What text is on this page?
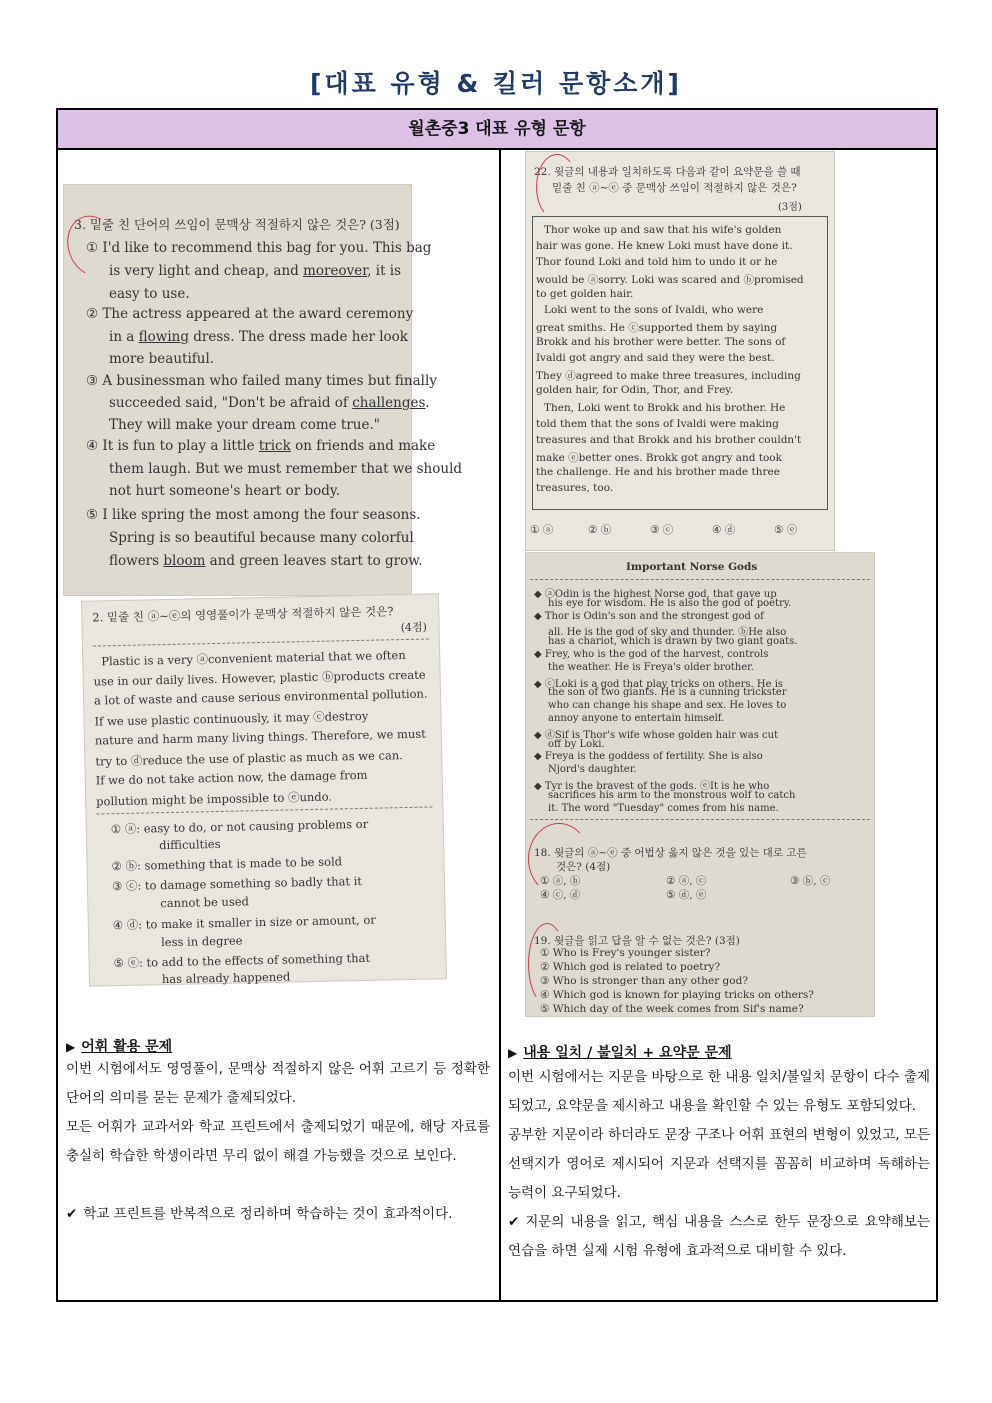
[대표 유형 & 킬러 문항소개]
월촌중3 대표 유형 문항
3. 밑줄 친 단어의 쓰임이 문맥상 적절하지 않은 것은? (3점)
① I'd like to recommend this bag for you. This bag
is very light and cheap, and moreover, it is
easy to use.
② The actress appeared at the award ceremony
in a flowing dress. The dress made her look
more beautiful.
③ A businessman who failed many times but finally
succeeded said, "Don't be afraid of challenges.
They will make your dream come true."
④ It is fun to play a little trick on friends and make
them laugh. But we must remember that we should
not hurt someone's heart or body.
⑤ I like spring the most among the four seasons.
Spring is so beautiful because many colorful
flowers bloom and green leaves start to grow.
2. 밑줄 친 ⓐ~ⓔ의 영영풀이가 문맥상 적절하지 않은 것은?
(4점)
Plastic is a very ⓐconvenient material that we often
use in our daily lives. However, plastic ⓑproducts create
a lot of waste and cause serious environmental pollution.
If we use plastic continuously, it may ⓒdestroy
nature and harm many living things. Therefore, we must
try to ⓓreduce the use of plastic as much as we can.
If we do not take action now, the damage from
pollution might be impossible to ⓔundo.
① ⓐ: easy to do, or not causing problems or
difficulties
② ⓑ: something that is made to be sold
③ ⓒ: to damage something so badly that it
cannot be used
④ ⓓ: to make it smaller in size or amount, or
less in degree
⑤ ⓔ: to add to the effects of something that
has already happened
▶ 어휘 활용 문제

이번 시험에서도 영영풀이, 문맥상 적절하지 않은 어휘 고르기 등 정확한 단어의 의미를 묻는 문제가 출제되었다.

모든 어휘가 교과서와 학교 프린트에서 출제되었기 때문에, 해당 자료를 충실히 학습한 학생이라면 무리 없이 해결 가능했을 것으로 보인다.

✔ 학교 프린트를 반복적으로 정리하며 학습하는 것이 효과적이다.

22. 윗글의 내용과 일치하도록 다음과 같이 요약문을 쓸 때
밑줄 친 ⓐ~ⓔ 중 문맥상 쓰임이 적절하지 않은 것은?
(3점)
Thor woke up and saw that his wife's golden
hair was gone. He knew Loki must have done it.
Thor found Loki and told him to undo it or he
would be ⓐsorry. Loki was scared and ⓑpromised
to get golden hair.
Loki went to the sons of Ivaldi, who were
great smiths. He ⓒsupported them by saying
Brokk and his brother were better. The sons of
Ivaldi got angry and said they were the best.
They ⓓagreed to make three treasures, including
golden hair, for Odin, Thor, and Frey.
Then, Loki went to Brokk and his brother. He
told them that the sons of Ivaldi were making
treasures and that Brokk and his brother couldn't
make ⓔbetter ones. Brokk got angry and took
the challenge. He and his brother made three
treasures, too.
① ⓐ	② ⓑ	③ ⓒ	④ ⓓ	⑤ ⓔ
Important Norse Gods
◆ ⓐOdin is the highest Norse god, that gave up
his eye for wisdom. He is also the god of poetry.
◆ Thor is Odin's son and the strongest god of
all. He is the god of sky and thunder. ⓑHe also
has a chariot, which is drawn by two giant goats.
◆ Frey, who is the god of the harvest, controls
the weather. He is Freya's older brother.
◆ ⓒLoki is a god that play tricks on others. He is
the son of two giants. He is a cunning trickster
who can change his shape and sex. He loves to
annoy anyone to entertain himself.
◆ ⓓSif is Thor's wife whose golden hair was cut
off by Loki.
◆ Freya is the goddess of fertility. She is also
Njord's daughter.
◆ Tyr is the bravest of the gods. ⓔIt is he who
sacrifices his arm to the monstrous wolf to catch
it. The word "Tuesday" comes from his name.
18. 윗글의 ⓐ~ⓔ 중 어법상 옳지 않은 것을 있는 대로 고른
것은? (4점)
① ⓐ, ⓑ	② ⓐ, ⓒ	③ ⓑ, ⓒ
④ ⓒ, ⓓ	⑤ ⓓ, ⓔ
19. 윗글을 읽고 답을 알 수 없는 것은? (3점)
① Who is Frey's younger sister?
② Which god is related to poetry?
③ Who is stronger than any other god?
④ Which god is known for playing tricks on others?
⑤ Which day of the week comes from Sif's name?
▶ 내용 일치 / 불일치 + 요약문 문제

이번 시험에서는 지문을 바탕으로 한 내용 일치/불일치 문항이 다수 출제되었고, 요약문을 제시하고 내용을 확인할 수 있는 유형도 포함되었다.

공부한 지문이라 하더라도 문장 구조나 어휘 표현의 변형이 있었고, 모든 선택지가 영어로 제시되어 지문과 선택지를 꼼꼼히 비교하며 독해하는 능력이 요구되었다.

✔ 지문의 내용을 읽고, 핵심 내용을 스스로 한두 문장으로 요약해보는 연습을 하면 실제 시험 유형에 효과적으로 대비할 수 있다.
